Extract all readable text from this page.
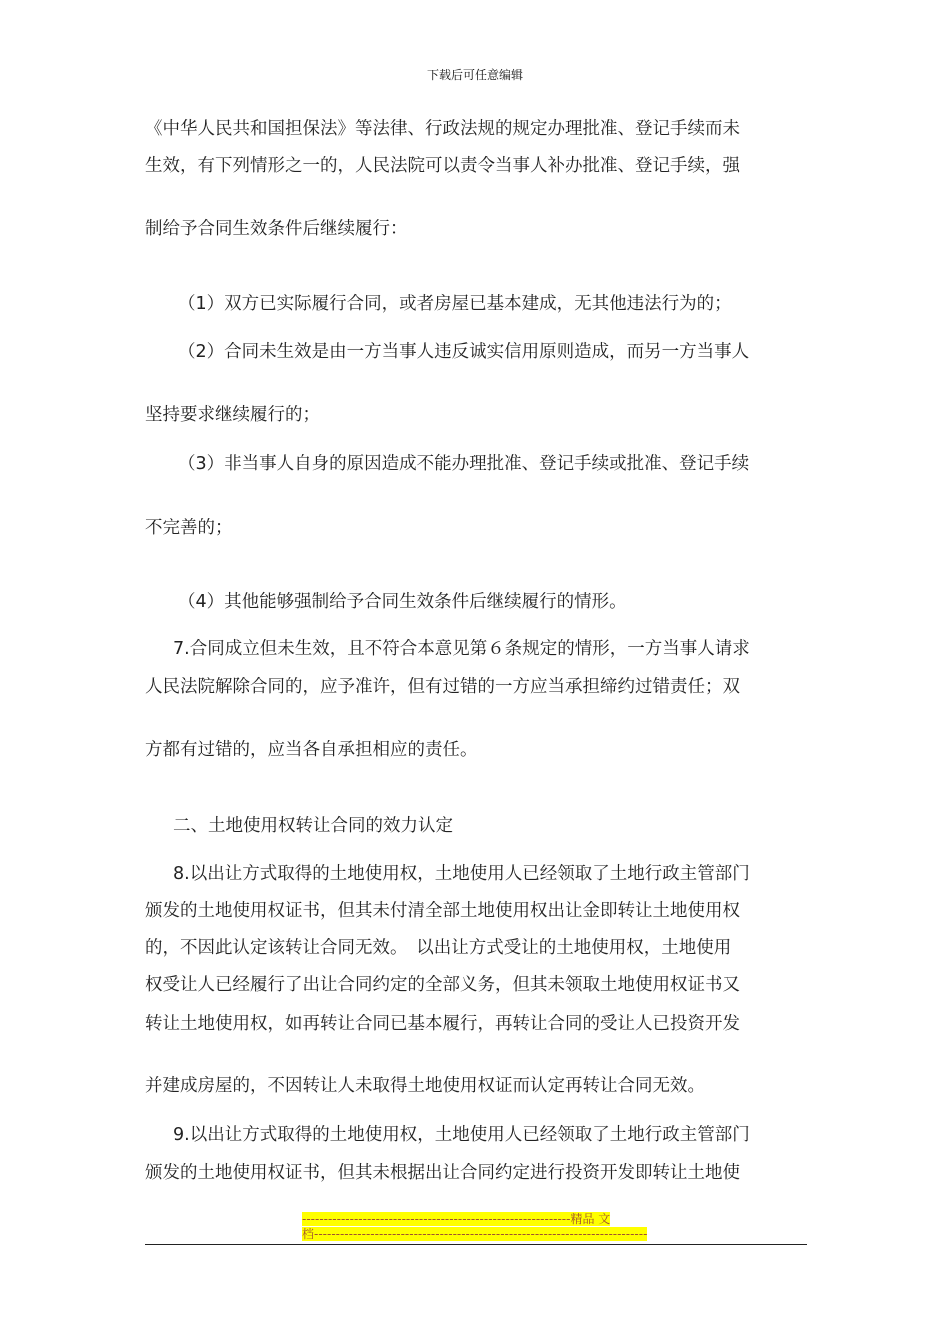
下载后可任意编辑
《中华人民共和国担保法》等法律、行政法规的规定办理批准、登记手续而未
生效，有下列情形之一的，人民法院可以责令当事人补办批准、登记手续，强
制给予合同生效条件后继续履行：
（1）双方已实际履行合同，或者房屋已基本建成，无其他违法行为的；
（2）合同未生效是由一方当事人违反诚实信用原则造成，而另一方当事人
坚持要求继续履行的；
（3）非当事人自身的原因造成不能办理批准、登记手续或批准、登记手续
不完善的；
（4）其他能够强制给予合同生效条件后继续履行的情形。
7.合同成立但未生效，且不符合本意见第６条规定的情形，一方当事人请求
人民法院解除合同的，应予准许，但有过错的一方应当承担缔约过错责任；双
方都有过错的，应当各自承担相应的责任。
二、土地使用权转让合同的效力认定
8.以出让方式取得的土地使用权，土地使用人已经领取了土地行政主管部门
颁发的土地使用权证书，但其未付清全部土地使用权出让金即转让土地使用权
的，不因此认定该转让合同无效。　以出让方式受让的土地使用权，土地使用
权受让人已经履行了出让合同约定的全部义务，但其未领取土地使用权证书又
转让土地使用权，如再转让合同已基本履行，再转让合同的受让人已投资开发
并建成房屋的，不因转让人未取得土地使用权证而认定再转让合同无效。
9.以出让方式取得的土地使用权，土地使用人已经领取了土地行政主管部门
颁发的土地使用权证书，但其未根据出让合同约定进行投资开发即转让土地使
--------------------------------------------------------------精品 文
档-----------------------------------------------------------------------------
